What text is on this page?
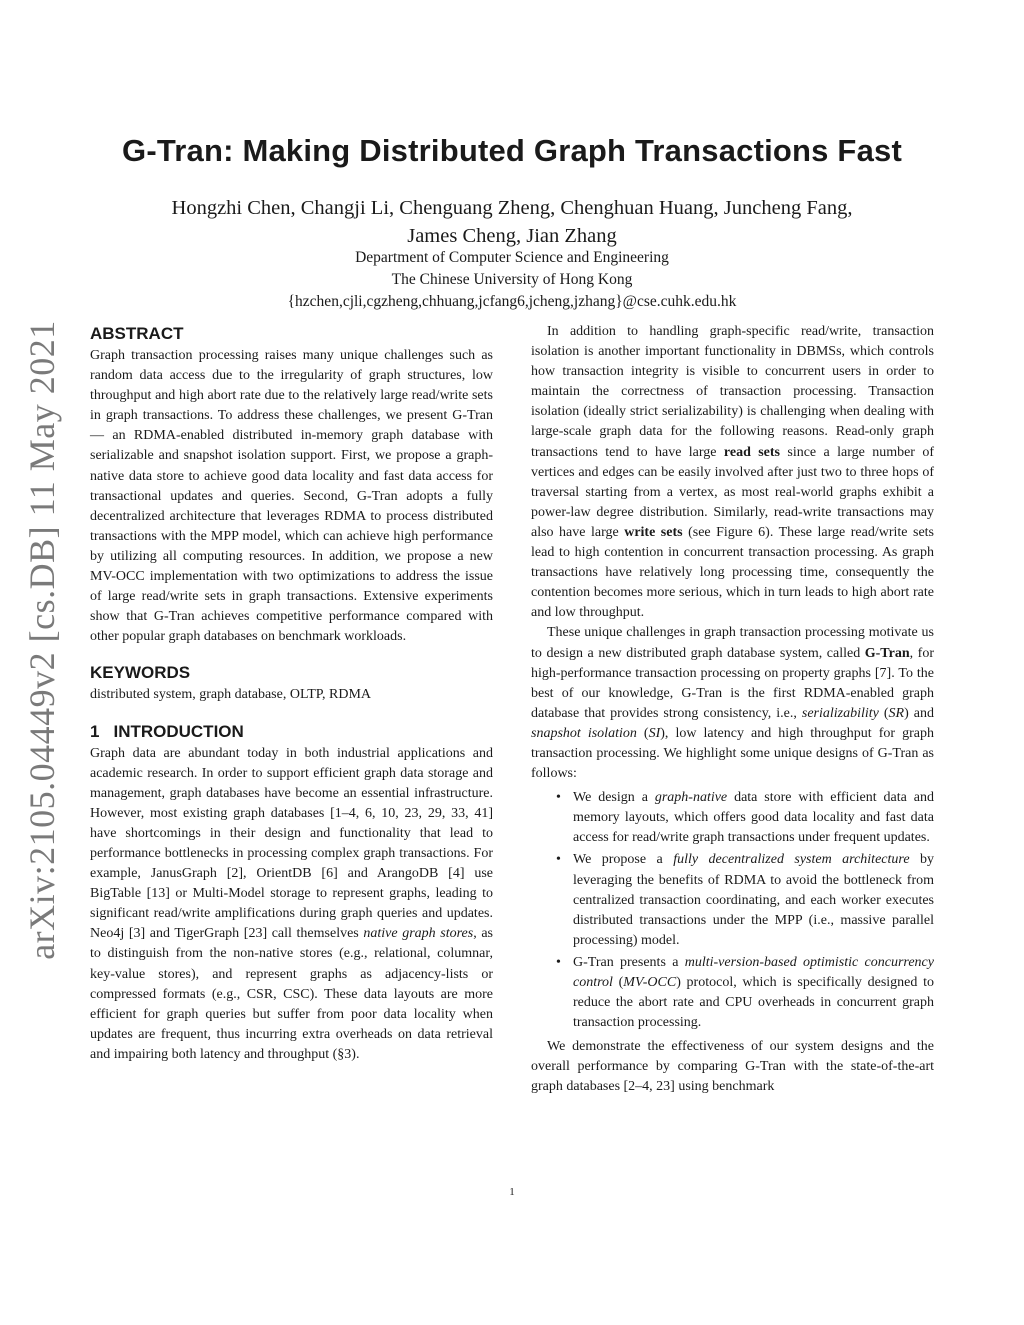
arXiv:2105.04449v2 [cs.DB] 11 May 2021
G-Tran: Making Distributed Graph Transactions Fast
Hongzhi Chen, Changji Li, Chenguang Zheng, Chenghuan Huang, Juncheng Fang,
James Cheng, Jian Zhang
Department of Computer Science and Engineering
The Chinese University of Hong Kong
{hzchen,cjli,cgzheng,chhuang,jcfang6,jcheng,jzhang}@cse.cuhk.edu.hk
ABSTRACT

Graph transaction processing raises many unique challenges such as random data access due to the irregularity of graph structures, low throughput and high abort rate due to the relatively large read/write sets in graph transactions. To address these challenges, we present G-Tran — an RDMA-enabled distributed in-memory graph database with serializable and snapshot isolation support. First, we propose a graph-native data store to achieve good data locality and fast data access for transactional updates and queries. Second, G-Tran adopts a fully decentralized architecture that leverages RDMA to process distributed transactions with the MPP model, which can achieve high performance by utilizing all computing resources. In addition, we propose a new MV-OCC implementation with two optimizations to address the issue of large read/write sets in graph transactions. Extensive experiments show that G-Tran achieves competitive performance compared with other popular graph databases on benchmark workloads.

KEYWORDS

distributed system, graph database, OLTP, RDMA

1 INTRODUCTION

Graph data are abundant today in both industrial applications and academic research. In order to support efficient graph data storage and management, graph databases have become an essential infrastructure. However, most existing graph databases [1–4, 6, 10, 23, 29, 33, 41] have shortcomings in their design and functionality that lead to performance bottlenecks in processing complex graph transactions. For example, JanusGraph [2], OrientDB [6] and ArangoDB [4] use BigTable [13] or Multi-Model storage to represent graphs, leading to significant read/write amplifications during graph queries and updates. Neo4j [3] and TigerGraph [23] call themselves native graph stores, as to distinguish from the non-native stores (e.g., relational, columnar, key-value stores), and represent graphs as adjacency-lists or compressed formats (e.g., CSR, CSC). These data layouts are more efficient for graph queries but suffer from poor data locality when updates are frequent, thus incurring extra overheads on data retrieval and impairing both latency and throughput (§3).

In addition to handling graph-specific read/write, transaction isolation is another important functionality in DBMSs, which controls how transaction integrity is visible to concurrent users in order to maintain the correctness of transaction processing. Transaction isolation (ideally strict serializability) is challenging when dealing with large-scale graph data for the following reasons. Read-only graph transactions tend to have large read sets since a large number of vertices and edges can be easily involved after just two to three hops of traversal starting from a vertex, as most real-world graphs exhibit a power-law degree distribution. Similarly, read-write transactions may also have large write sets (see Figure 6). These large read/write sets lead to high contention in concurrent transaction processing. As graph transactions have relatively long processing time, consequently the contention becomes more serious, which in turn leads to high abort rate and low throughput.

These unique challenges in graph transaction processing motivate us to design a new distributed graph database system, called G-Tran, for high-performance transaction processing on property graphs [7]. To the best of our knowledge, G-Tran is the first RDMA-enabled graph database that provides strong consistency, i.e., serializability (SR) and snapshot isolation (SI), low latency and high throughput for graph transaction processing. We highlight some unique designs of G-Tran as follows:

• We design a graph-native data store with efficient data and memory layouts, which offers good data locality and fast data access for read/write graph transactions under frequent updates.
• We propose a fully decentralized system architecture by leveraging the benefits of RDMA to avoid the bottleneck from centralized transaction coordinating, and each worker executes distributed transactions under the MPP (i.e., massive parallel processing) model.
• G-Tran presents a multi-version-based optimistic concurrency control (MV-OCC) protocol, which is specifically designed to reduce the abort rate and CPU overheads in concurrent graph transaction processing.

We demonstrate the effectiveness of our system designs and the overall performance by comparing G-Tran with the state-of-the-art graph databases [2–4, 23] using benchmark

1
